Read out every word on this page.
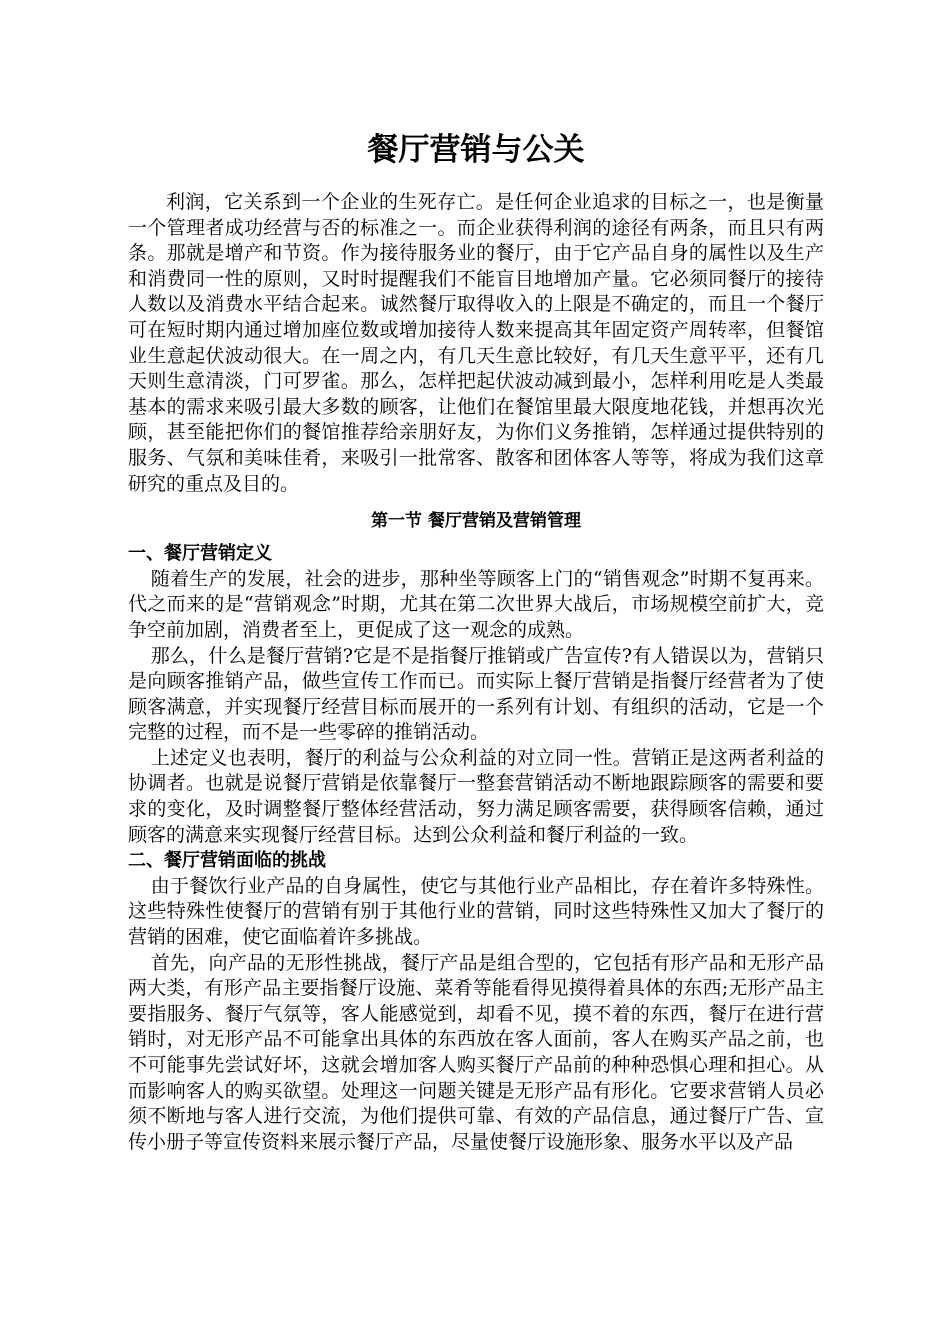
餐厅营销与公关

利润，它关系到一个企业的生死存亡。是任何企业追求的目标之一，也是衡量一个管理者成功经营与否的标准之一。而企业获得利润的途径有两条，而且只有两条。那就是增产和节资。作为接待服务业的餐厅，由于它产品自身的属性以及生产和消费同一性的原则，又时时提醒我们不能盲目地增加产量。它必须同餐厅的接待人数以及消费水平结合起来。诚然餐厅取得收入的上限是不确定的，而且一个餐厅可在短时期内通过增加座位数或增加接待人数来提高其年固定资产周转率，但餐馆业生意起伏波动很大。在一周之内，有几天生意比较好，有几天生意平平，还有几天则生意清淡，门可罗雀。那么，怎样把起伏波动减到最小，怎样利用吃是人类最基本的需求来吸引最大多数的顾客，让他们在餐馆里最大限度地花钱，并想再次光顾，甚至能把你们的餐馆推荐给亲朋好友，为你们义务推销，怎样通过提供特别的服务、气氛和美味佳肴，来吸引一批常客、散客和团体客人等等，将成为我们这章研究的重点及目的。

第一节 餐厅营销及营销管理
一、餐厅营销定义

随着生产的发展，社会的进步，那种坐等顾客上门的“销售观念”时期不复再来。代之而来的是“营销观念”时期，尤其在第二次世界大战后，市场规模空前扩大，竞争空前加剧，消费者至上，更促成了这一观念的成熟。

那么，什么是餐厅营销?它是不是指餐厅推销或广告宣传?有人错误以为，营销只是向顾客推销产品，做些宣传工作而已。而实际上餐厅营销是指餐厅经营者为了使顾客满意，并实现餐厅经营目标而展开的一系列有计划、有组织的活动，它是一个完整的过程，而不是一些零碎的推销活动。

上述定义也表明，餐厅的利益与公众利益的对立同一性。营销正是这两者利益的协调者。也就是说餐厅营销是依靠餐厅一整套营销活动不断地跟踪顾客的需要和要求的变化，及时调整餐厅整体经营活动，努力满足顾客需要，获得顾客信赖，通过顾客的满意来实现餐厅经营目标。达到公众利益和餐厅利益的一致。

二、餐厅营销面临的挑战

由于餐饮行业产品的自身属性，使它与其他行业产品相比，存在着许多特殊性。这些特殊性使餐厅的营销有别于其他行业的营销，同时这些特殊性又加大了餐厅的营销的困难，使它面临着许多挑战。

首先，向产品的无形性挑战，餐厅产品是组合型的，它包括有形产品和无形产品两大类，有形产品主要指餐厅设施、菜肴等能看得见摸得着具体的东西;无形产品主要指服务、餐厅气氛等，客人能感觉到，却看不见，摸不着的东西，餐厅在进行营销时，对无形产品不可能拿出具体的东西放在客人面前，客人在购买产品之前，也不可能事先尝试好坏，这就会增加客人购买餐厅产品前的种种恐惧心理和担心。从而影响客人的购买欲望。处理这一问题关键是无形产品有形化。它要求营销人员必须不断地与客人进行交流，为他们提供可靠、有效的产品信息，通过餐厅广告、宣传小册子等宣传资料来展示餐厅产品，尽量使餐厅设施形象、服务水平以及产品
